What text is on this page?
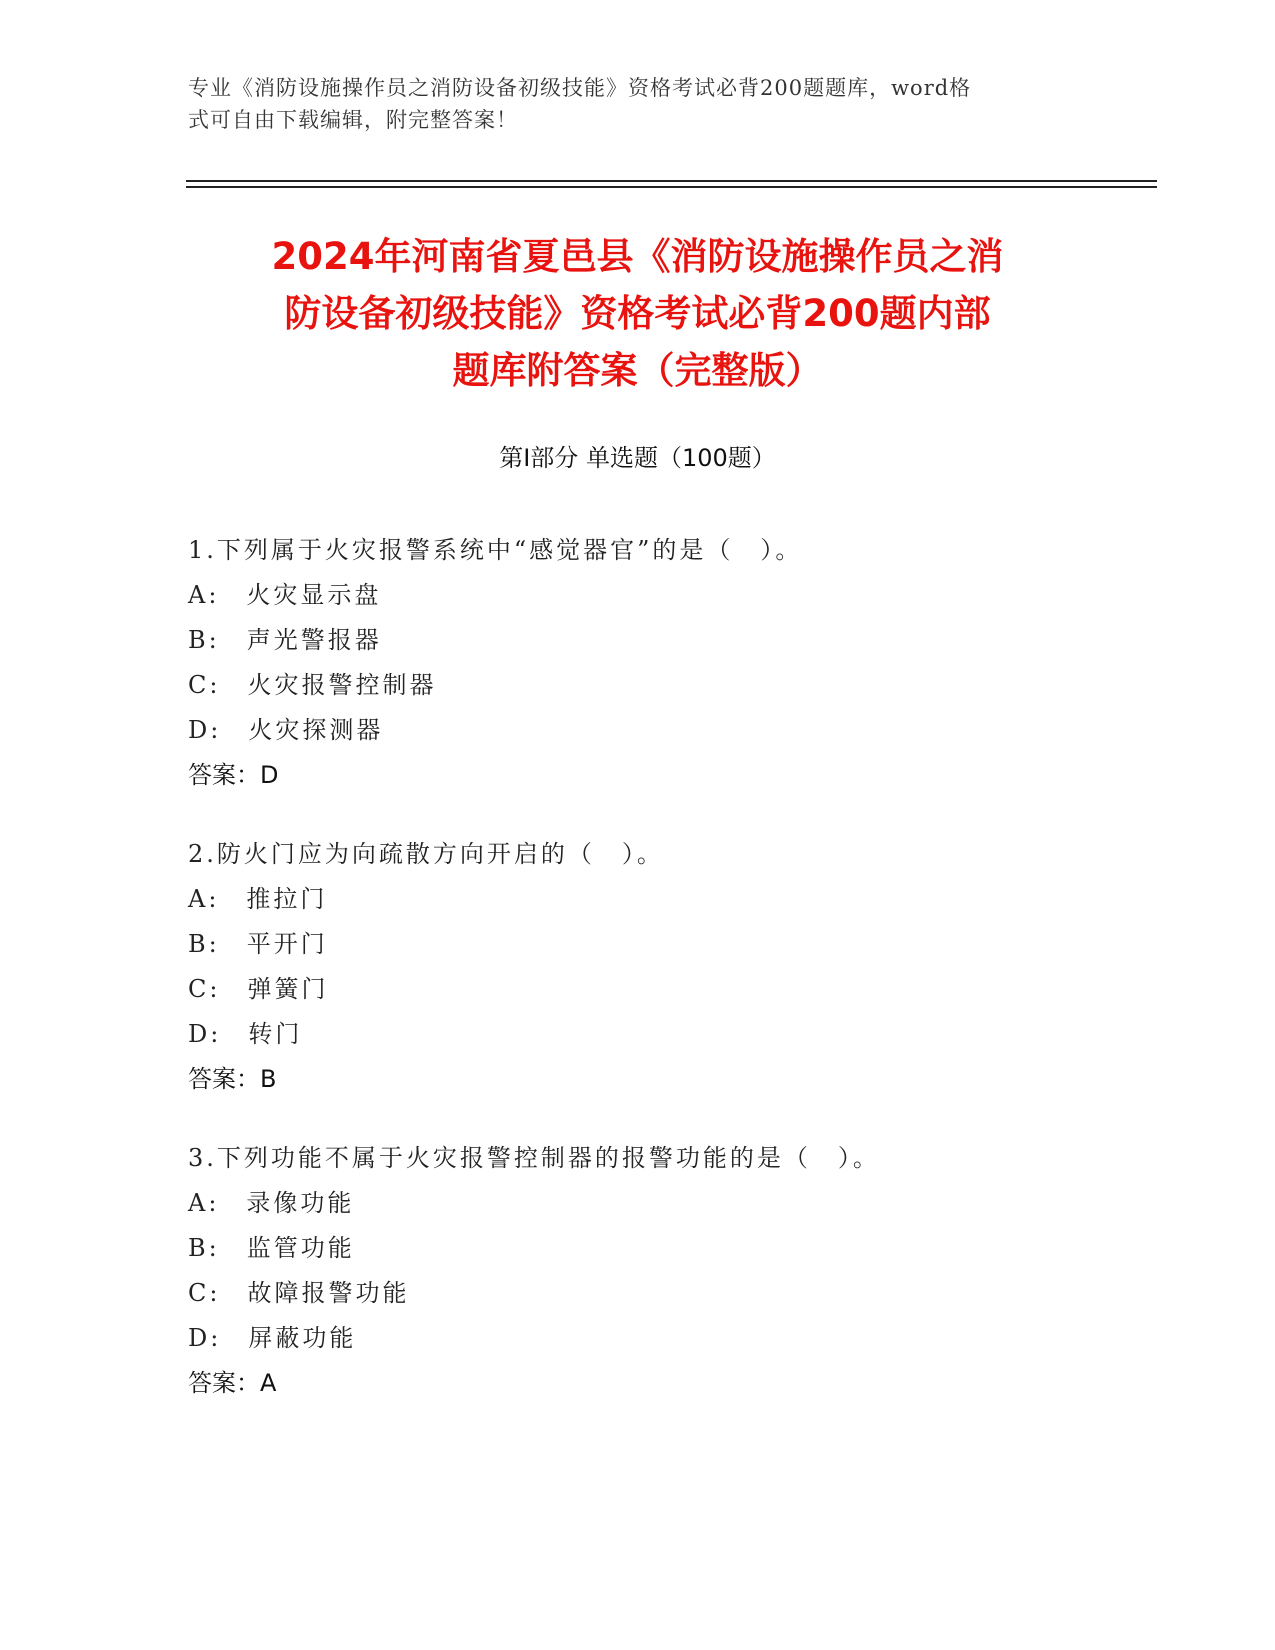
专业《消防设施操作员之消防设备初级技能》资格考试必背200题题库，word格
式可自由下载编辑，附完整答案！
2024年河南省夏邑县《消防设施操作员之消
防设备初级技能》资格考试必背200题内部
题库附答案（完整版）
第Ⅰ部分 单选题（100题）
1.下列属于火灾报警系统中“感觉器官”的是（　）。
A:　火灾显示盘
B:　声光警报器
C:　火灾报警控制器
D:　火灾探测器
答案：D
2.防火门应为向疏散方向开启的（　）。
A:　推拉门
B:　平开门
C:　弹簧门
D:　转门
答案：B
3.下列功能不属于火灾报警控制器的报警功能的是（　）。
A:　录像功能
B:　监管功能
C:　故障报警功能
D:　屏蔽功能
答案：A
